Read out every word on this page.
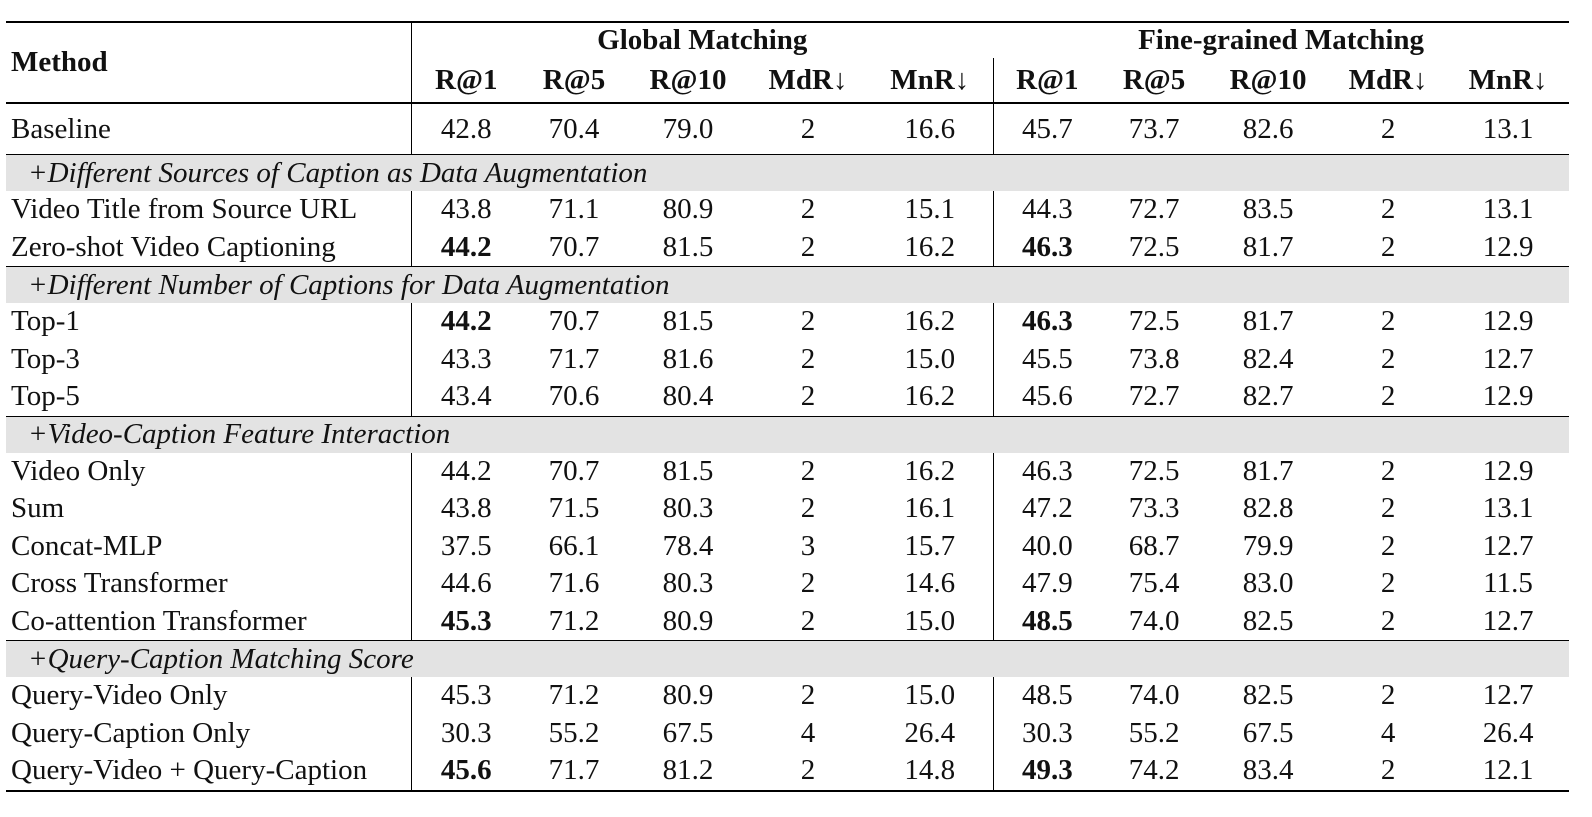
Method	Global Matching					Fine-grained Matching				
	R@1	R@5	R@10	MdR↓	MnR↓	R@1	R@5	R@10	MdR↓	MnR↓
Baseline	42.8	70.4	79.0	2	16.6	45.7	73.7	82.6	2	13.1
+Different Sources of Caption as Data Augmentation										
Video Title from Source URL	43.8	71.1	80.9	2	15.1	44.3	72.7	83.5	2	13.1
Zero-shot Video Captioning	44.2	70.7	81.5	2	16.2	46.3	72.5	81.7	2	12.9
+Different Number of Captions for Data Augmentation										
Top-1	44.2	70.7	81.5	2	16.2	46.3	72.5	81.7	2	12.9
Top-3	43.3	71.7	81.6	2	15.0	45.5	73.8	82.4	2	12.7
Top-5	43.4	70.6	80.4	2	16.2	45.6	72.7	82.7	2	12.9
+Video-Caption Feature Interaction										
Video Only	44.2	70.7	81.5	2	16.2	46.3	72.5	81.7	2	12.9
Sum	43.8	71.5	80.3	2	16.1	47.2	73.3	82.8	2	13.1
Concat-MLP	37.5	66.1	78.4	3	15.7	40.0	68.7	79.9	2	12.7
Cross Transformer	44.6	71.6	80.3	2	14.6	47.9	75.4	83.0	2	11.5
Co-attention Transformer	45.3	71.2	80.9	2	15.0	48.5	74.0	82.5	2	12.7
+Query-Caption Matching Score										
Query-Video Only	45.3	71.2	80.9	2	15.0	48.5	74.0	82.5	2	12.7
Query-Caption Only	30.3	55.2	67.5	4	26.4	30.3	55.2	67.5	4	26.4
Query-Video + Query-Caption	45.6	71.7	81.2	2	14.8	49.3	74.2	83.4	2	12.1
